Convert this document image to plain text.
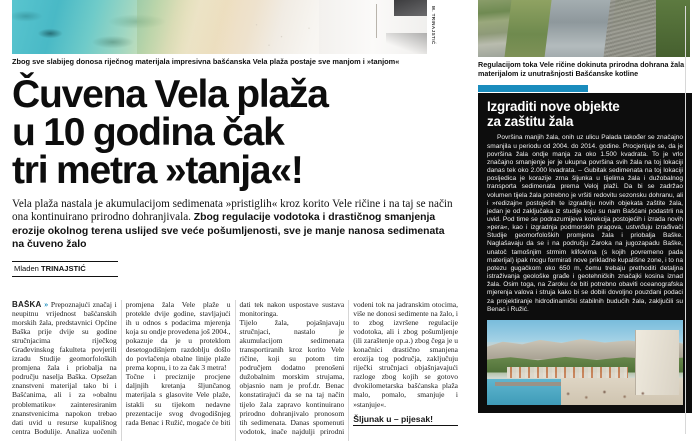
M. TRINAJSTIĆ
Zbog sve slabijeg donosa riječnog materijala impresivna bašćanska Vela plaža postaje sve manjom i »tanjom«
Čuvena Vela plaža
u 10 godina čak
tri metra »tanja«!
Vela plaža nastala je akumulacijom sedimenata »pristiglih« kroz korito Vele ričine i na taj se način ona kontinuirano prirodno dohranjivala. Zbog regulacije vodotoka i drastičnog smanjenja erozije okolnog terena uslijed sve veće pošumljenosti, sve je manje nanosa sedimenata na čuveno žalo
Mladen TRINAJSTIĆ

BAŠKA » Prepoznajući značaj i neupitnu vrijednost bašćanskih morskih žala, predstavnici Općine Baška prije dvije su godine stručnjacima riječkog Građevinskog fakulteta povjerili izradu Studije geomorfoloških promjena žala i priobalja na području naselja Baška. Opsežan znanstveni materijal tako bi i Bašćanima, ali i za »obalnu problematiku« zainteresiranim znanstvenicima napokon trebao dati uvid u resurse kupališnog centra Bodulije. Analiza uočenih promjena žala Vele plaže u protekle dvije godine, stavljajući ih u odnos s podacima mjerenja koja su ondje provedena još 2004., pokazuje da je u proteklom desetogodišnjem razdoblju došlo do povlačenja obalne linije plaže prema kopnu, i to za čak 3 metra!

Točne i preciznije procjene daljnjih kretanja šljunčanog materijala s glasovite Vele plaže, istakli su tijekom nedavne prezentacije svog dvogodišnjeg rada Benac i Ružić, mogaće će biti dati tek nakon uspostave sustava monitoringa.

Tijelo žala, pojašnjavaju stručnjaci, nastalo je akumulacijom sedimenata transportiranih kroz korito Vele ričine, koji su potom tim područjem dodatno prenošeni dužobalnim morskim strujama, objasnio nam je prof.dr. Benac konstatirajući da se na taj način tijelo žala zapravo kontinuirano prirodno dohranjivalo pronosom tih sedimenata. Danas spomenuti vodotok, inače najdulji prirodni vodeni tok na jadranskim otocima, više ne donosi sedimente na žalo, i to zbog izvršene regulacije vodotoka, ali i zbog pošumljenje (ili zaraštenje op.a.) zbog čega je u konačnici drastično smanjena erozija tog područja, zaključuju riječki stručnjaci objašnjavajući razloge zbog kojih se gotovo dvokilometarska bašćanska plaža malo, pomalo, smanjuje i »stanjuje«.

Šljunak u – pijesak!

Regulacijom toka Vele ričine dokinuta prirodna dohrana žala materijalom iz unutrašnjosti Bašćanske kotline
Izgraditi nove objekte
za zaštitu žala

Površina manjih žala, onih uz ulicu Palada također se značajno smanjila u periodu od 2004. do 2014. godine. Procjenjuje se, da je površina žala ondje manja za oko 1.500 kvadrata. To je vrlo značajno smanjenje jer je ukupna površina svih žala na toj lokaciji danas tek oko 2.000 kvadrata. – Gubitak sedimenata na toj lokaciji posljedica je korazije zrna šljunka u tijelima žala i dužobalnog transporta sedimenata prema Veloj plaži. Da bi se zadržao volumen tijela žala potrebno je vršiti redovitu sezonsku dohranu, ali i »redizajn« postojećih te izgradnju novih objekata zaštite žala, jedan je od zaključaka iz studije koju su nam Bašćani podastrli na uvid. Pod time se podrazumijeva korekcija postojećih i izrada novih »pera«, kao i izgradnja podmorskih pragova, ustvrđuju izrađivači Studije geomorfoloških promjena žala i priobalja Baške. Naglašavaju da se i na području Zaroka na jugozapadu Baške, unatoč tamošnjim strmim klifovima (s kojih povremeno pada materijal) ipak mogu formirati nove prikladne kupališne zone, i to na potezu gugačkom oko 650 m, čemu trebaju prethoditi detaljna istraživanja geološke građe i geotehničkih značajki kosina iznad žala. Osim toga, na Zaroku će biti potrebno obaviti oceanografska mjerenja valova i struja kako bi se dobili dovoljno pouzdani podaci za projektiranje hidrodinamički stabilnih budućih žala, zaključili su Benac i Ružić.
